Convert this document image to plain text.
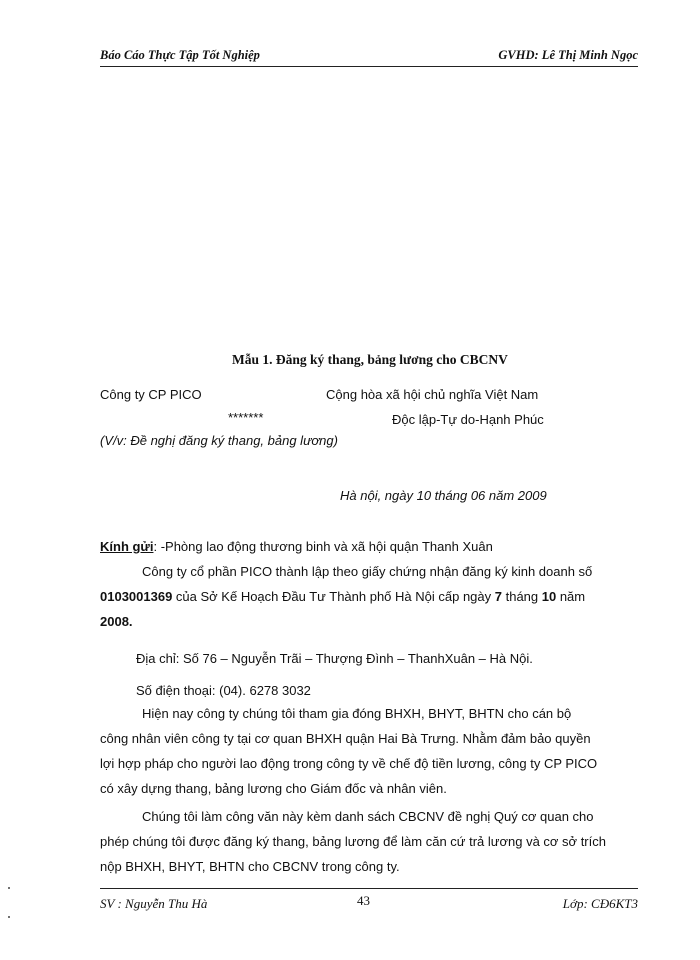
Báo Cáo Thực Tập Tốt Nghiệp	GVHD: Lê Thị Minh Ngọc
Mẫu 1. Đăng ký thang, bảng lương cho CBCNV
Công ty CP PICO	Cộng hòa xã hội chủ nghĩa Việt Nam
*******	Độc lập-Tự do-Hạnh Phúc
(V/v: Đề nghị đăng ký thang, bảng lương)
Hà nội, ngày 10 tháng 06 năm 2009
Kính gửi: -Phòng lao động thương binh và xã hội quận Thanh Xuân
Công ty cổ phần PICO thành lập theo giấy chứng nhận đăng ký kinh doanh số
0103001369 của Sở Kế Hoạch Đầu Tư Thành phố Hà Nội cấp ngày 7 tháng 10 năm
2008.
Địa chỉ: Số 76 – Nguyễn Trãi – Thượng Đình – ThanhXuân – Hà Nội.
Số điện thoại: (04). 6278 3032
Hiện nay công ty chúng tôi tham gia đóng BHXH, BHYT, BHTN cho cán bộ
công nhân viên công ty tại cơ quan BHXH quận Hai Bà Trưng. Nhằm đảm bảo quyền
lợi hợp pháp cho người lao động trong công ty về chế độ tiền lương, công ty CP PICO
có xây dựng thang, bảng lương cho Giám đốc và nhân viên.
Chúng tôi làm công văn này kèm danh sách CBCNV đề nghị Quý cơ quan cho
phép chúng tôi được đăng ký thang, bảng lương để làm căn cứ trả lương và cơ sở trích
nộp BHXH, BHYT, BHTN cho CBCNV trong công ty.
SV : Nguyễn Thu Hà	43	Lớp: CĐ6KT3
